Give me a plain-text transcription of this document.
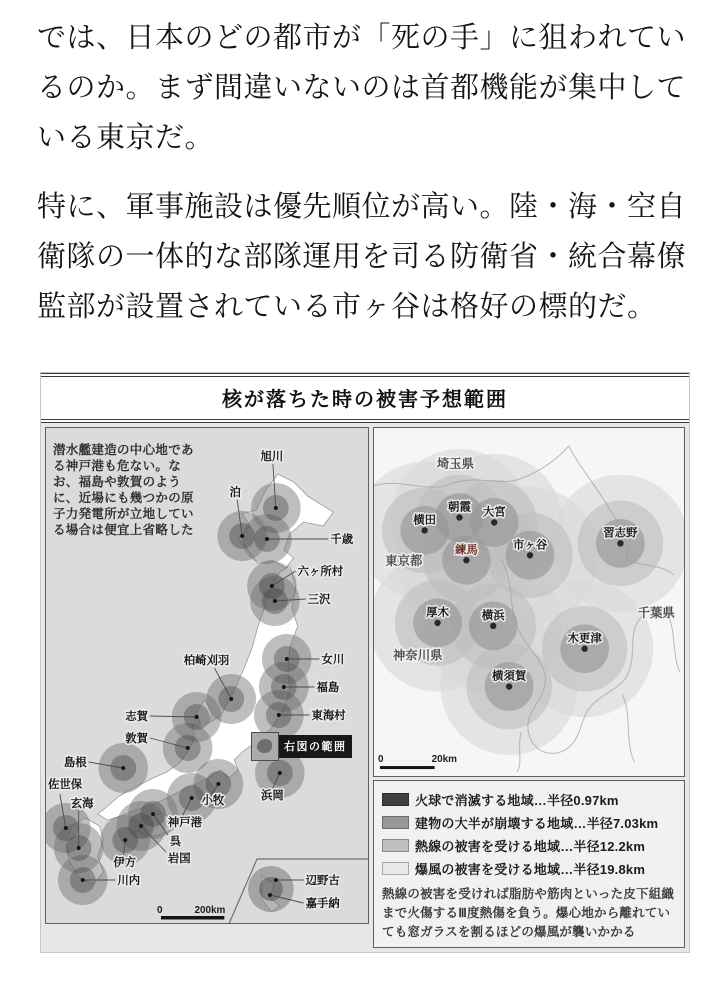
では、日本のどの都市が「死の手」に狙われているのか。まず間違いないのは首都機能が集中している東京だ。

特に、軍事施設は優先順位が高い。陸・海・空自衛隊の一体的な部隊運用を司る防衛省・統合幕僚監部が設置されている市ヶ谷は格好の標的だ。

核が落ちた時の被害予想範囲
旭川
泊
千歳
六ヶ所村
三沢
女川
福島
東海村
柏崎刈羽
志賀
敦賀
島根
佐世保
玄海
川内
伊方	岩国
呉
神戸港
小牧	浜岡
辺野古
嘉手納
0	200km
潜水艦建造の中心地である神戸港も危ない。なお、福島や敦賀のように、近場にも幾つかの原子力発電所が立地している場合は便宜上省略した
右図の範囲
横田
朝霞 大宮
練馬	市ヶ谷
習志野
厚木	横浜
横須賀
木更津
埼玉県
東京都
千葉県
神奈川県
0	20km
火球で消滅する地域…半径0.97km
建物の大半が崩壊する地域…半径7.03km
熱線の被害を受ける地域…半径12.2km
爆風の被害を受ける地域…半径19.8km

熱線の被害を受ければ脂肪や筋肉といった皮下組織まで火傷するⅢ度熱傷を負う。爆心地から離れていても窓ガラスを割るほどの爆風が襲いかかる
